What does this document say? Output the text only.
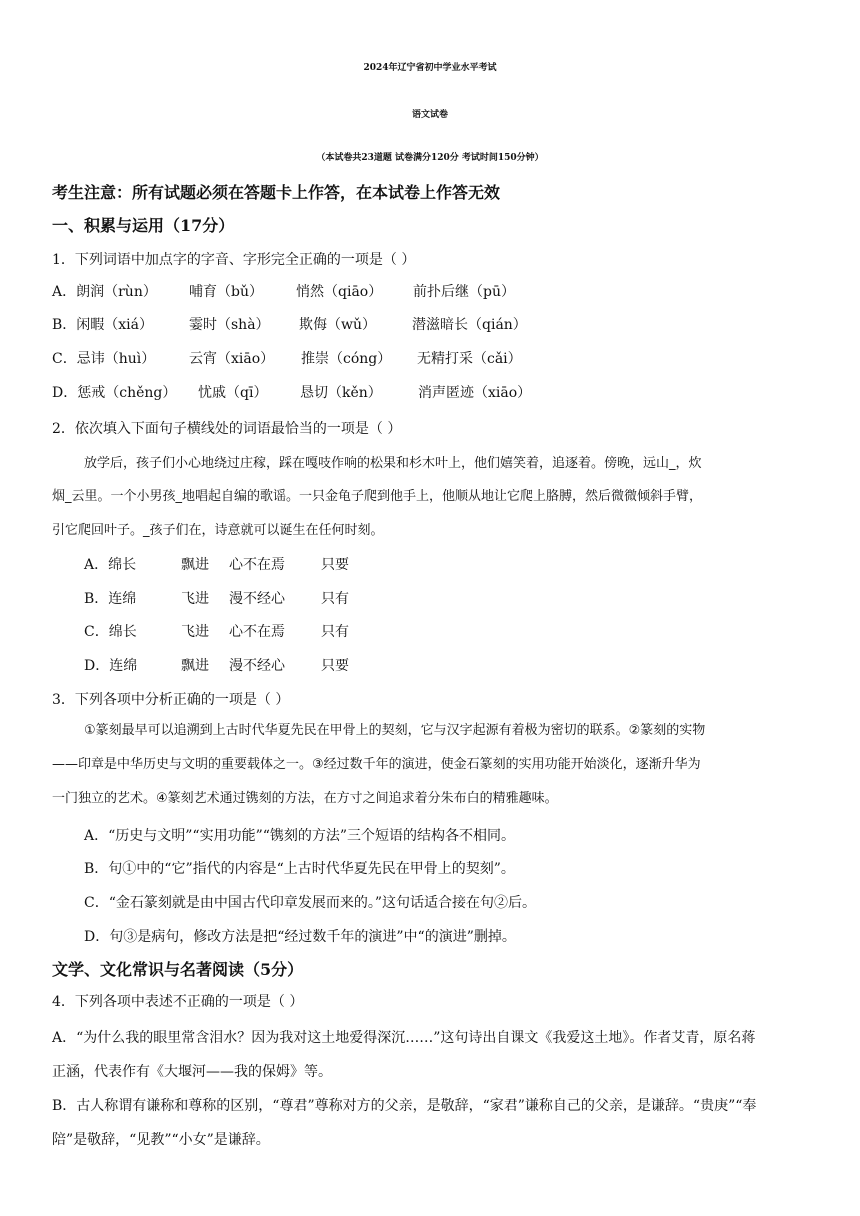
2024年辽宁省初中学业水平考试
语文试卷
（本试卷共23道题 试卷满分120分 考试时间150分钟）
考生注意：所有试题必须在答题卡上作答，在本试卷上作答无效
一、积累与运用（17分）
1．下列词语中加点字的字音、字形完全正确的一项是（ ）
A．朗润（rùn） 哺育（bǔ） 悄然（qiāo） 前扑后继（pū）
B．闲暇（xiá）	霎时（shà） 欺侮（wǔ）	潜滋暗长（qián）
C．忌讳（huì） 云宵（xiāo） 推崇（cóng） 无精打采（cǎi）
D．惩戒（chěng） 忧戚（qī） 恳切（kěn）	消声匿迹（xiāo）
2．依次填入下面句子横线处的词语最恰当的一项是（ ）
放学后，孩子们小心地绕过庄稼，踩在嘎吱作响的松果和杉木叶上，他们嬉笑着，追逐着。傍晚，远山_，炊
烟_云里。一个小男孩_地唱起自编的歌谣。一只金龟子爬到他手上，他顺从地让它爬上胳膊，然后微微倾斜手臂，
引它爬回叶子。_孩子们在，诗意就可以诞生在任何时刻。
A．绵长	飘进 心不在焉	只要
B．连绵	飞进 漫不经心	只有
C．绵长	飞进 心不在焉	只有
D．连绵	飘进 漫不经心	只要
3．下列各项中分析正确的一项是（ ）
①篆刻最早可以追溯到上古时代华夏先民在甲骨上的契刻，它与汉字起源有着极为密切的联系。②篆刻的实物
——印章是中华历史与文明的重要载体之一。③经过数千年的演进，使金石篆刻的实用功能开始淡化，逐渐升华为
一门独立的艺术。④篆刻艺术通过镌刻的方法，在方寸之间追求着分朱布白的精雅趣味。
A．“历史与文明”“实用功能”“镌刻的方法”三个短语的结构各不相同。
B．句①中的“它”指代的内容是“上古时代华夏先民在甲骨上的契刻”。
C．“金石篆刻就是由中国古代印章发展而来的。”这句话适合接在句②后。
D．句③是病句，修改方法是把“经过数千年的演进”中“的演进”删掉。
文学、文化常识与名著阅读（5分）
4．下列各项中表述不正确的一项是（ ）
A．“为什么我的眼里常含泪水？因为我对这土地爱得深沉……”这句诗出自课文《我爱这土地》。作者艾青，原名蒋
正涵，代表作有《大堰河——我的保姆》等。
B．古人称谓有谦称和尊称的区别，“尊君”尊称对方的父亲，是敬辞，“家君”谦称自己的父亲，是谦辞。“贵庚”“奉
陪”是敬辞，“见教”“小女”是谦辞。
